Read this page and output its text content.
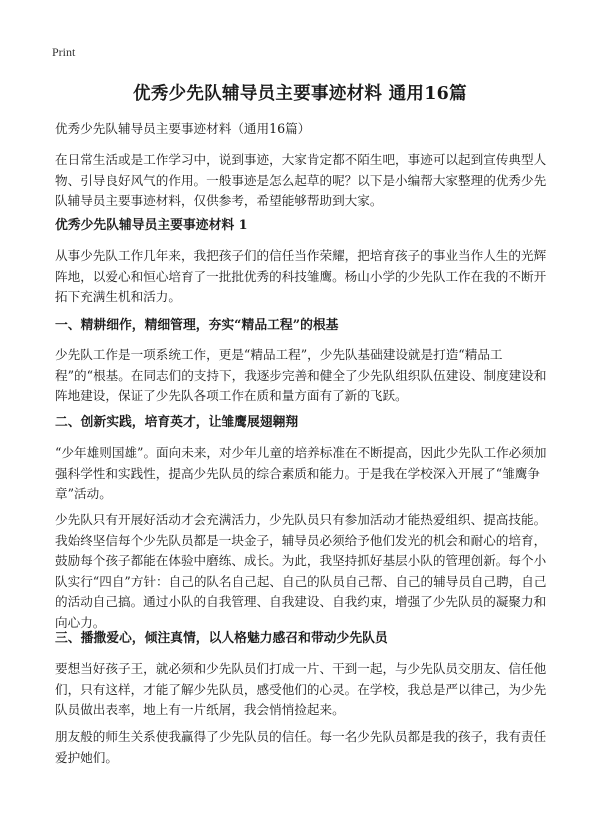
Print
优秀少先队辅导员主要事迹材料 通用16篇
优秀少先队辅导员主要事迹材料（通用16篇）
在日常生活或是工作学习中，说到事迹，大家肯定都不陌生吧，事迹可以起到宣传典型人物、引导良好风气的作用。一般事迹是怎么起草的呢？以下是小编帮大家整理的优秀少先队辅导员主要事迹材料，仅供参考，希望能够帮助到大家。
优秀少先队辅导员主要事迹材料 1
从事少先队工作几年来，我把孩子们的信任当作荣耀，把培育孩子的事业当作人生的光辉阵地，以爱心和恒心培育了一批批优秀的科技雏鹰。杨山小学的少先队工作在我的不断开拓下充满生机和活力。
一、精耕细作，精细管理，夯实“精品工程”的根基
少先队工作是一项系统工作，更是“精品工程”，少先队基础建设就是打造“精品工程”的“根基。在同志们的支持下，我逐步完善和健全了少先队组织队伍建设、制度建设和阵地建设，保证了少先队各项工作在质和量方面有了新的飞跃。
二、创新实践，培育英才，让雏鹰展翅翱翔
“少年雄则国雄”。面向未来，对少年儿童的培养标准在不断提高，因此少先队工作必须加强科学性和实践性，提高少先队员的综合素质和能力。于是我在学校深入开展了“雏鹰争章”活动。
少先队只有开展好活动才会充满活力，少先队员只有参加活动才能热爱组织、提高技能。我始终坚信每个少先队员都是一块金子，辅导员必须给予他们发光的机会和耐心的培育，鼓励每个孩子都能在体验中磨练、成长。为此，我坚持抓好基层小队的管理创新。每个小队实行“四自”方针：自己的队名自己起、自己的队员自己帮、自己的辅导员自己聘，自己的活动自己搞。通过小队的自我管理、自我建设、自我约束，增强了少先队员的凝聚力和向心力。
三、播撒爱心，倾注真情，以人格魅力感召和带动少先队员
要想当好孩子王，就必须和少先队员们打成一片、干到一起，与少先队员交朋友、信任他们，只有这样，才能了解少先队员，感受他们的心灵。在学校，我总是严以律己，为少先队员做出表率，地上有一片纸屑，我会悄悄捡起来。
朋友般的师生关系使我赢得了少先队员的信任。每一名少先队员都是我的孩子，我有责任爱护她们。
